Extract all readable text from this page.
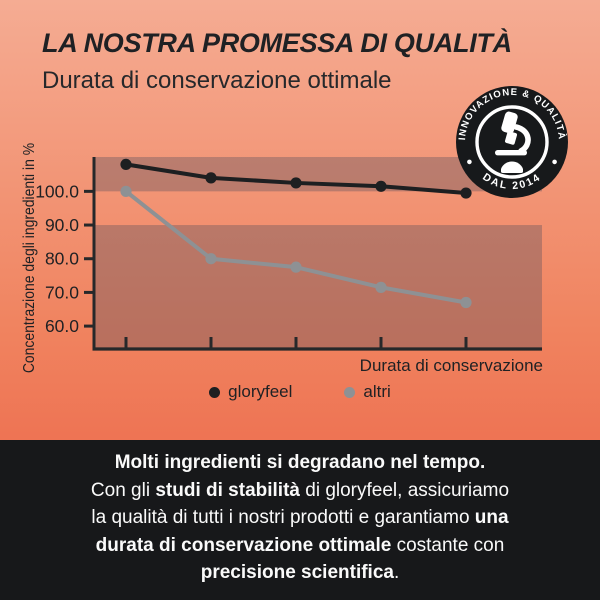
LA NOSTRA PROMESSA DI QUALITÀ
Durata di conservazione ottimale
INNOVAZIONE & QUALITÀ
DAL 2014
60.0
70.0
80.0
90.0
100.0

Concentrazione degli ingredienti in %	Durata di conservazione

gloryfeel	altri

Molti ingredienti si degradano nel tempo.
Con gli studi di stabilità di gloryfeel, assicuriamo
la qualità di tutti i nostri prodotti e garantiamo una
durata di conservazione ottimale costante con
precisione scientifica.
